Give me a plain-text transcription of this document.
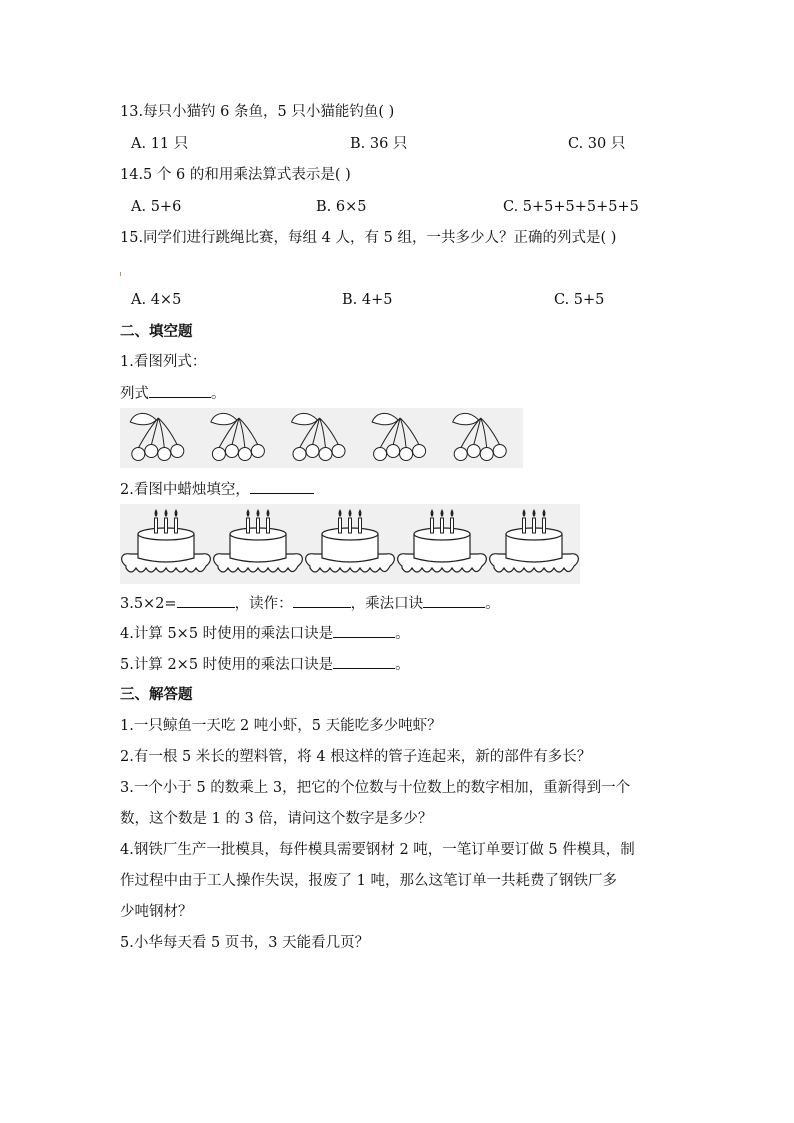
13.每只小猫钓 6 条鱼，5 只小猫能钓鱼( )
A. 11 只	B. 36 只	C. 30 只
14.5 个 6 的和用乘法算式表示是( )
A. 5+6	B. 6×5	C. 5+5+5+5+5+5
15.同学们进行跳绳比赛，每组 4 人，有 5 组，一共多少人？正确的列式是( )
A. 4×5	B. 4+5	C. 5+5
二、填空题
1.看图列式：
列式	。
2.看图中蜡烛填空，
3.5×2=	，读作：	，乘法口诀	。
4.计算 5×5 时使用的乘法口诀是	。
5.计算 2×5 时使用的乘法口诀是	。
三、解答题
1.一只鲸鱼一天吃 2 吨小虾，5 天能吃多少吨虾？
2.有一根 5 米长的塑料管，将 4 根这样的管子连起来，新的部件有多长？
3.一个小于 5 的数乘上 3，把它的个位数与十位数上的数字相加，重新得到一个
数，这个数是 1 的 3 倍，请问这个数字是多少？
4.钢铁厂生产一批模具，每件模具需要钢材 2 吨，一笔订单要订做 5 件模具，制
作过程中由于工人操作失误，报废了 1 吨，那么这笔订单一共耗费了钢铁厂多
少吨钢材？
5.小华每天看 5 页书，3 天能看几页？
